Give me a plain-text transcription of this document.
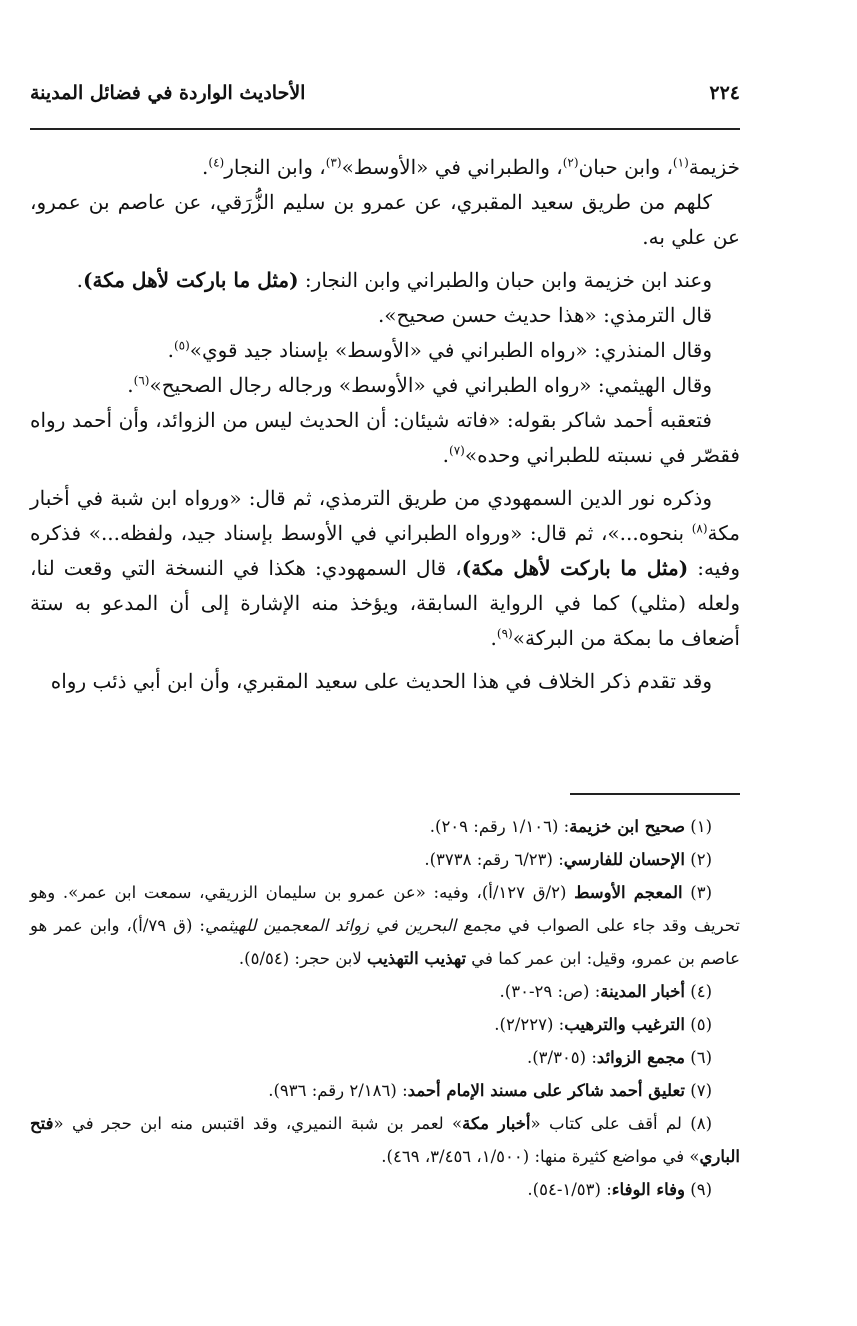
٢٢٤
الأحاديث الواردة في فضائل المدينة

خزيمة$^{(١)}$، وابن حبان$^{(٢)}$، والطبراني في «الأوسط»$^{(٣)}$، وابن النجار$^{(٤)}$.

كلهم من طريق سعيد المقبري، عن عمرو بن سليم الزُّرَقي، عن عاصم بن عمرو، عن علي به.

وعند ابن خزيمة وابن حبان والطبراني وابن النجار: (مثل ما باركت لأهل مكة).

قال الترمذي: «هذا حديث حسن صحيح».

وقال المنذري: «رواه الطبراني في «الأوسط» بإسناد جيد قوي»$^{(٥)}$.

وقال الهيثمي: «رواه الطبراني في «الأوسط» ورجاله رجال الصحيح»$^{(٦)}$.

فتعقبه أحمد شاكر بقوله: «فاته شيئان: أن الحديث ليس من الزوائد، وأن أحمد رواه فقصّر في نسبته للطبراني وحده»$^{(٧)}$.

وذكره نور الدين السمهودي من طريق الترمذي، ثم قال: «ورواه ابن شبة في أخبار مكة$^{(٨)}$ بنحوه...»، ثم قال: «ورواه الطبراني في الأوسط بإسناد جيد، ولفظه...» فذكره وفيه: (مثل ما باركت لأهل مكة)، قال السمهودي: هكذا في النسخة التي وقعت لنا، ولعله (مثلي) كما في الرواية السابقة، ويؤخذ منه الإشارة إلى أن المدعو به ستة أضعاف ما بمكة من البركة»$^{(٩)}$.

وقد تقدم ذكر الخلاف في هذا الحديث على سعيد المقبري، وأن ابن أبي ذئب رواه

(١) صحيح ابن خزيمة: (١/١٠٦ رقم: ٢٠٩).

(٢) الإحسان للفارسي: (٦/٢٣ رقم: ٣٧٣٨).

(٣) المعجم الأوسط (٢/ق ١٢٧/أ)، وفيه: «عن عمرو بن سليمان الزريقي، سمعت ابن عمر». وهو تحريف وقد جاء على الصواب في مجمع البحرين في زوائد المعجمين للهيثمي: (ق ٧٩/أ)، وابن عمر هو عاصم بن عمرو، وقيل: ابن عمر كما في تهذيب التهذيب لابن حجر: (٥/٥٤).

(٤) أخبار المدينة: (ص: ٢٩-٣٠).

(٥) الترغيب والترهيب: (٢/٢٢٧).

(٦) مجمع الزوائد: (٣/٣٠٥).

(٧) تعليق أحمد شاكر على مسند الإمام أحمد: (٢/١٨٦ رقم: ٩٣٦).

(٨) لم أقف على كتاب «أخبار مكة» لعمر بن شبة النميري، وقد اقتبس منه ابن حجر في «فتح الباري» في مواضع كثيرة منها: (١/٥٠٠، ٣/٤٥٦، ٤٦٩).

(٩) وفاء الوفاء: (١/٥٣-٥٤).
